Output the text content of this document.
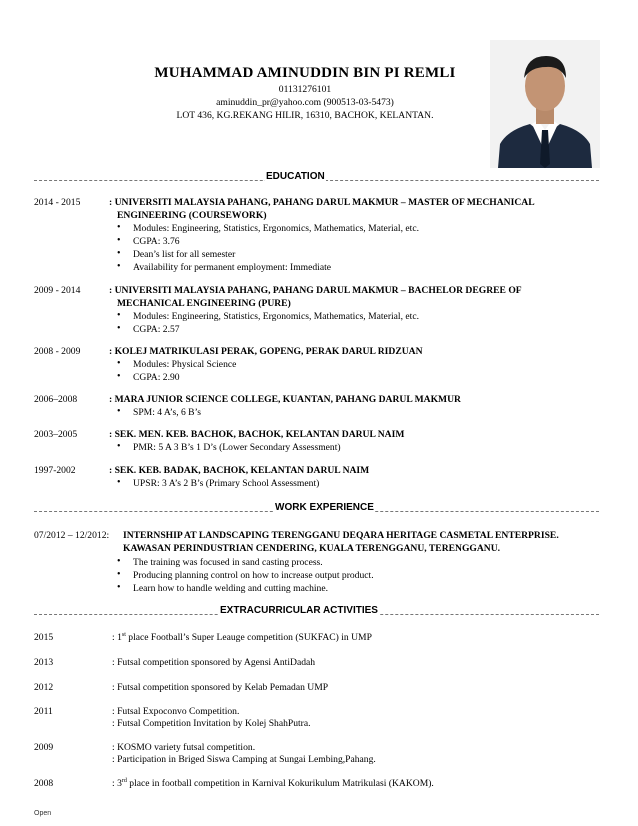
MUHAMMAD AMINUDDIN BIN PI REMLI
01131276101
aminuddin_pr@yahoo.com (900513-03-5473)
LOT 436, KG.REKANG HILIR, 16310, BACHOK, KELANTAN.
EDUCATION
2014 - 2015	: UNIVERSITI MALAYSIA PAHANG, PAHANG DARUL MAKMUR – MASTER OF MECHANICAL
ENGINEERING (COURSEWORK)
• Modules: Engineering, Statistics, Ergonomics, Mathematics, Material, etc.
• CGPA: 3.76
• Dean’s list for all semester
• Availability for permanent employment: Immediate
2009 - 2014	: UNIVERSITI MALAYSIA PAHANG, PAHANG DARUL MAKMUR – BACHELOR DEGREE OF
MECHANICAL ENGINEERING (PURE)
• Modules: Engineering, Statistics, Ergonomics, Mathematics, Material, etc.
• CGPA: 2.57
2008 - 2009	: KOLEJ MATRIKULASI PERAK, GOPENG, PERAK DARUL RIDZUAN
• Modules: Physical Science
• CGPA: 2.90
2006–2008	: MARA JUNIOR SCIENCE COLLEGE, KUANTAN, PAHANG DARUL MAKMUR
• SPM: 4 A’s, 6 B’s
2003–2005	: SEK. MEN. KEB. BACHOK, BACHOK, KELANTAN DARUL NAIM
• PMR: 5 A 3 B’s 1 D’s (Lower Secondary Assessment)
1997-2002	: SEK. KEB. BADAK, BACHOK, KELANTAN DARUL NAIM
• UPSR: 3 A’s 2 B’s (Primary School Assessment)
WORK EXPERIENCE
07/2012 – 12/2012: INTERNSHIP AT LANDSCAPING TERENGGANU DEQARA HERITAGE CASMETAL ENTERPRISE.
KAWASAN PERINDUSTRIAN CENDERING, KUALA TERENGGANU, TERENGGANU.
• The training was focused in sand casting process.
• Producing planning control on how to increase output product.
• Learn how to handle welding and cutting machine.
EXTRACURRICULAR ACTIVITIES
2015	: 1st place Football’s Super Leauge competition (SUKFAC) in UMP
2013	: Futsal competition sponsored by Agensi AntiDadah
2012	: Futsal competition sponsored by Kelab Pemadan UMP
2011	: Futsal Expoconvo Competition.
: Futsal Competition Invitation by Kolej ShahPutra.
2009	: KOSMO variety futsal competition.
: Participation in Briged Siswa Camping at Sungai Lembing,Pahang.
2008	: 3rd place in football competition in Karnival Kokurikulum Matrikulasi (KAKOM).
Open
